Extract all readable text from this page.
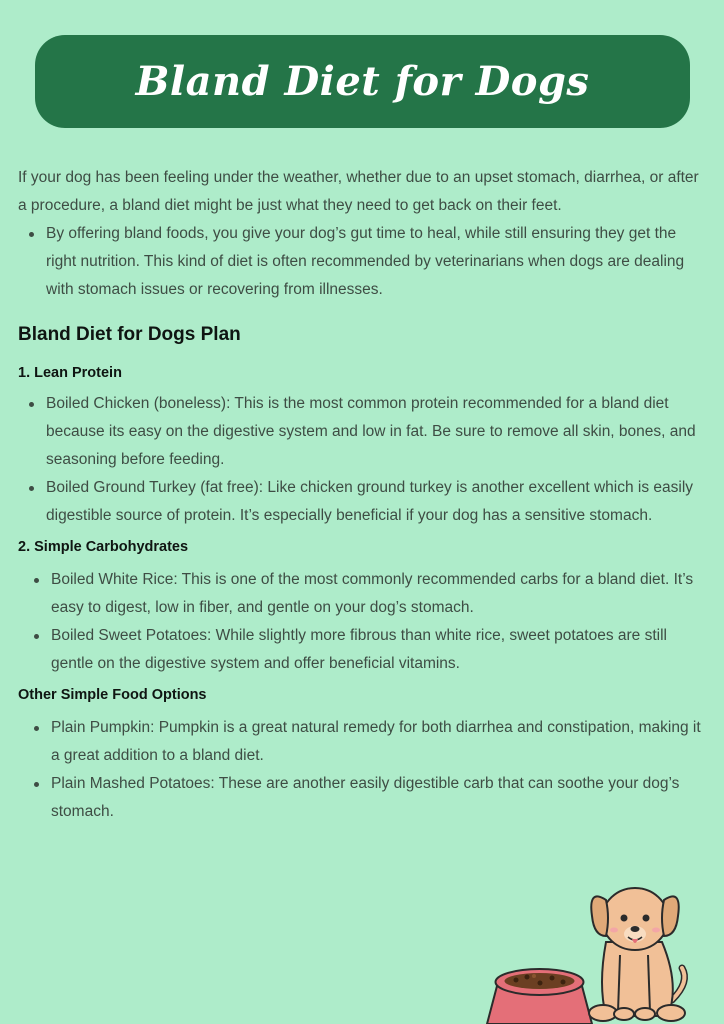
Bland Diet for Dogs

If your dog has been feeling under the weather, whether due to an upset stomach, diarrhea, or after a procedure, a bland diet might be just what they need to get back on their feet.

By offering bland foods, you give your dog’s gut time to heal, while still ensuring they get the right nutrition. This kind of diet is often recommended by veterinarians when dogs are dealing with stomach issues or recovering from illnesses.
Bland Diet for Dogs Plan
1. Lean Protein
Boiled Chicken (boneless): This is the most common protein recommended for a bland diet because its easy on the digestive system and low in fat. Be sure to remove all skin, bones, and seasoning before feeding.
Boiled Ground Turkey (fat free): Like chicken ground turkey is another excellent which is easily digestible source of protein. It’s especially beneficial if your dog has a sensitive stomach.
2. Simple Carbohydrates
Boiled White Rice: This is one of the most commonly recommended carbs for a bland diet. It’s easy to digest, low in fiber, and gentle on your dog’s stomach.
Boiled Sweet Potatoes: While slightly more fibrous than white rice, sweet potatoes are still gentle on the digestive system and offer beneficial vitamins.
Other Simple Food Options
Plain Pumpkin: Pumpkin is a great natural remedy for both diarrhea and constipation, making it a great addition to a bland diet.
Plain Mashed Potatoes: These are another easily digestible carb that can soothe your dog’s stomach.
